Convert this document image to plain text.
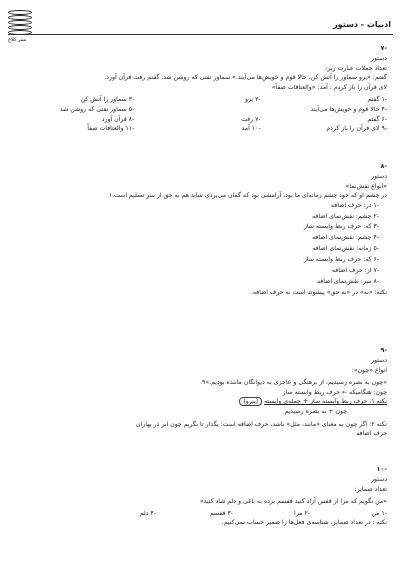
نشر کلاغ
ادبیات - دستور
-۷
دستور
تعداد جملات عبارت زیر:
گفتم: «برو سماور را آتش کن، حالا قوم و خویش‌ها می‌آیند.» سماور نفتی که روشن شد، گفتم رفت قرآن آورد.
لای قرآن را باز کردم : آمد: «والعتاقات صفاً»
-۱ گفتم
-۲ برو
-۳ سماور را آتش کن
-۴ حالا قوم و خویش‌ها می‌آیند
-۵ سماور نفتی که روشن شد
-۶ گفتم
-۷ رفت
-۸ قرآن آورد
-۹ لای قرآن را باز کردم
-۱۰ آمد
-۱۱ والعتاقات صفاً
-۸
دستور
«انواع نقش‌نما»
در چشم او که خود چشم زمانه‌ای ما بود، آرامشی بود که گمان می‌بردی شاید هم به حق از سر تسلیم است.۱
-۱ در: حرف اضافه
-۲ چشم: نقش‌نمای اضافه
-۳ که: حرف ربط وابسته ساز
-۴ چشم: نقش‌نمای اضافه
-۵ زمانه: نقش‌نمای اضافه
-۶ که: حرف ربط وابسته ساز
-۷ از: حرف اضافه
-۸ سر: نقش‌نمای اضافه
نکته: «به» در «به حق» پیشوند است نه حرف اضافه.
-۹
دستور
انواع «چون»:
«چون به بصره رسیدیم، از برهنگی و عاجزی به دیوانگان ماننده بودیم.»۹
چون: هنگامیکه ← حرف ربط وابسته ساز
نکته ۱: حرف ربط وابسته ساز + جمله‌ی وابسته (پیرو)
چون + به بصره رسیدیم
نکته ۲: اگر چون به معنای «مانند، مثل» باشد، حرف اضافه است: بگذار تا بگریم چون ابر در بهاران
حرف اضافه
-۱۰
دستور
تعداد ضمایر:
«من نگویم که مرا از قفس آزاد کنید قفسم برده به باغی و دلم شاد کنید»
-۱ من
-۲ مرا
-۳ قفسم
-۴ دلم
نکته : در تعداد ضمایر، شناسه‌ی فعل‌ها را ضمیر حساب نمی‌کنیم.
